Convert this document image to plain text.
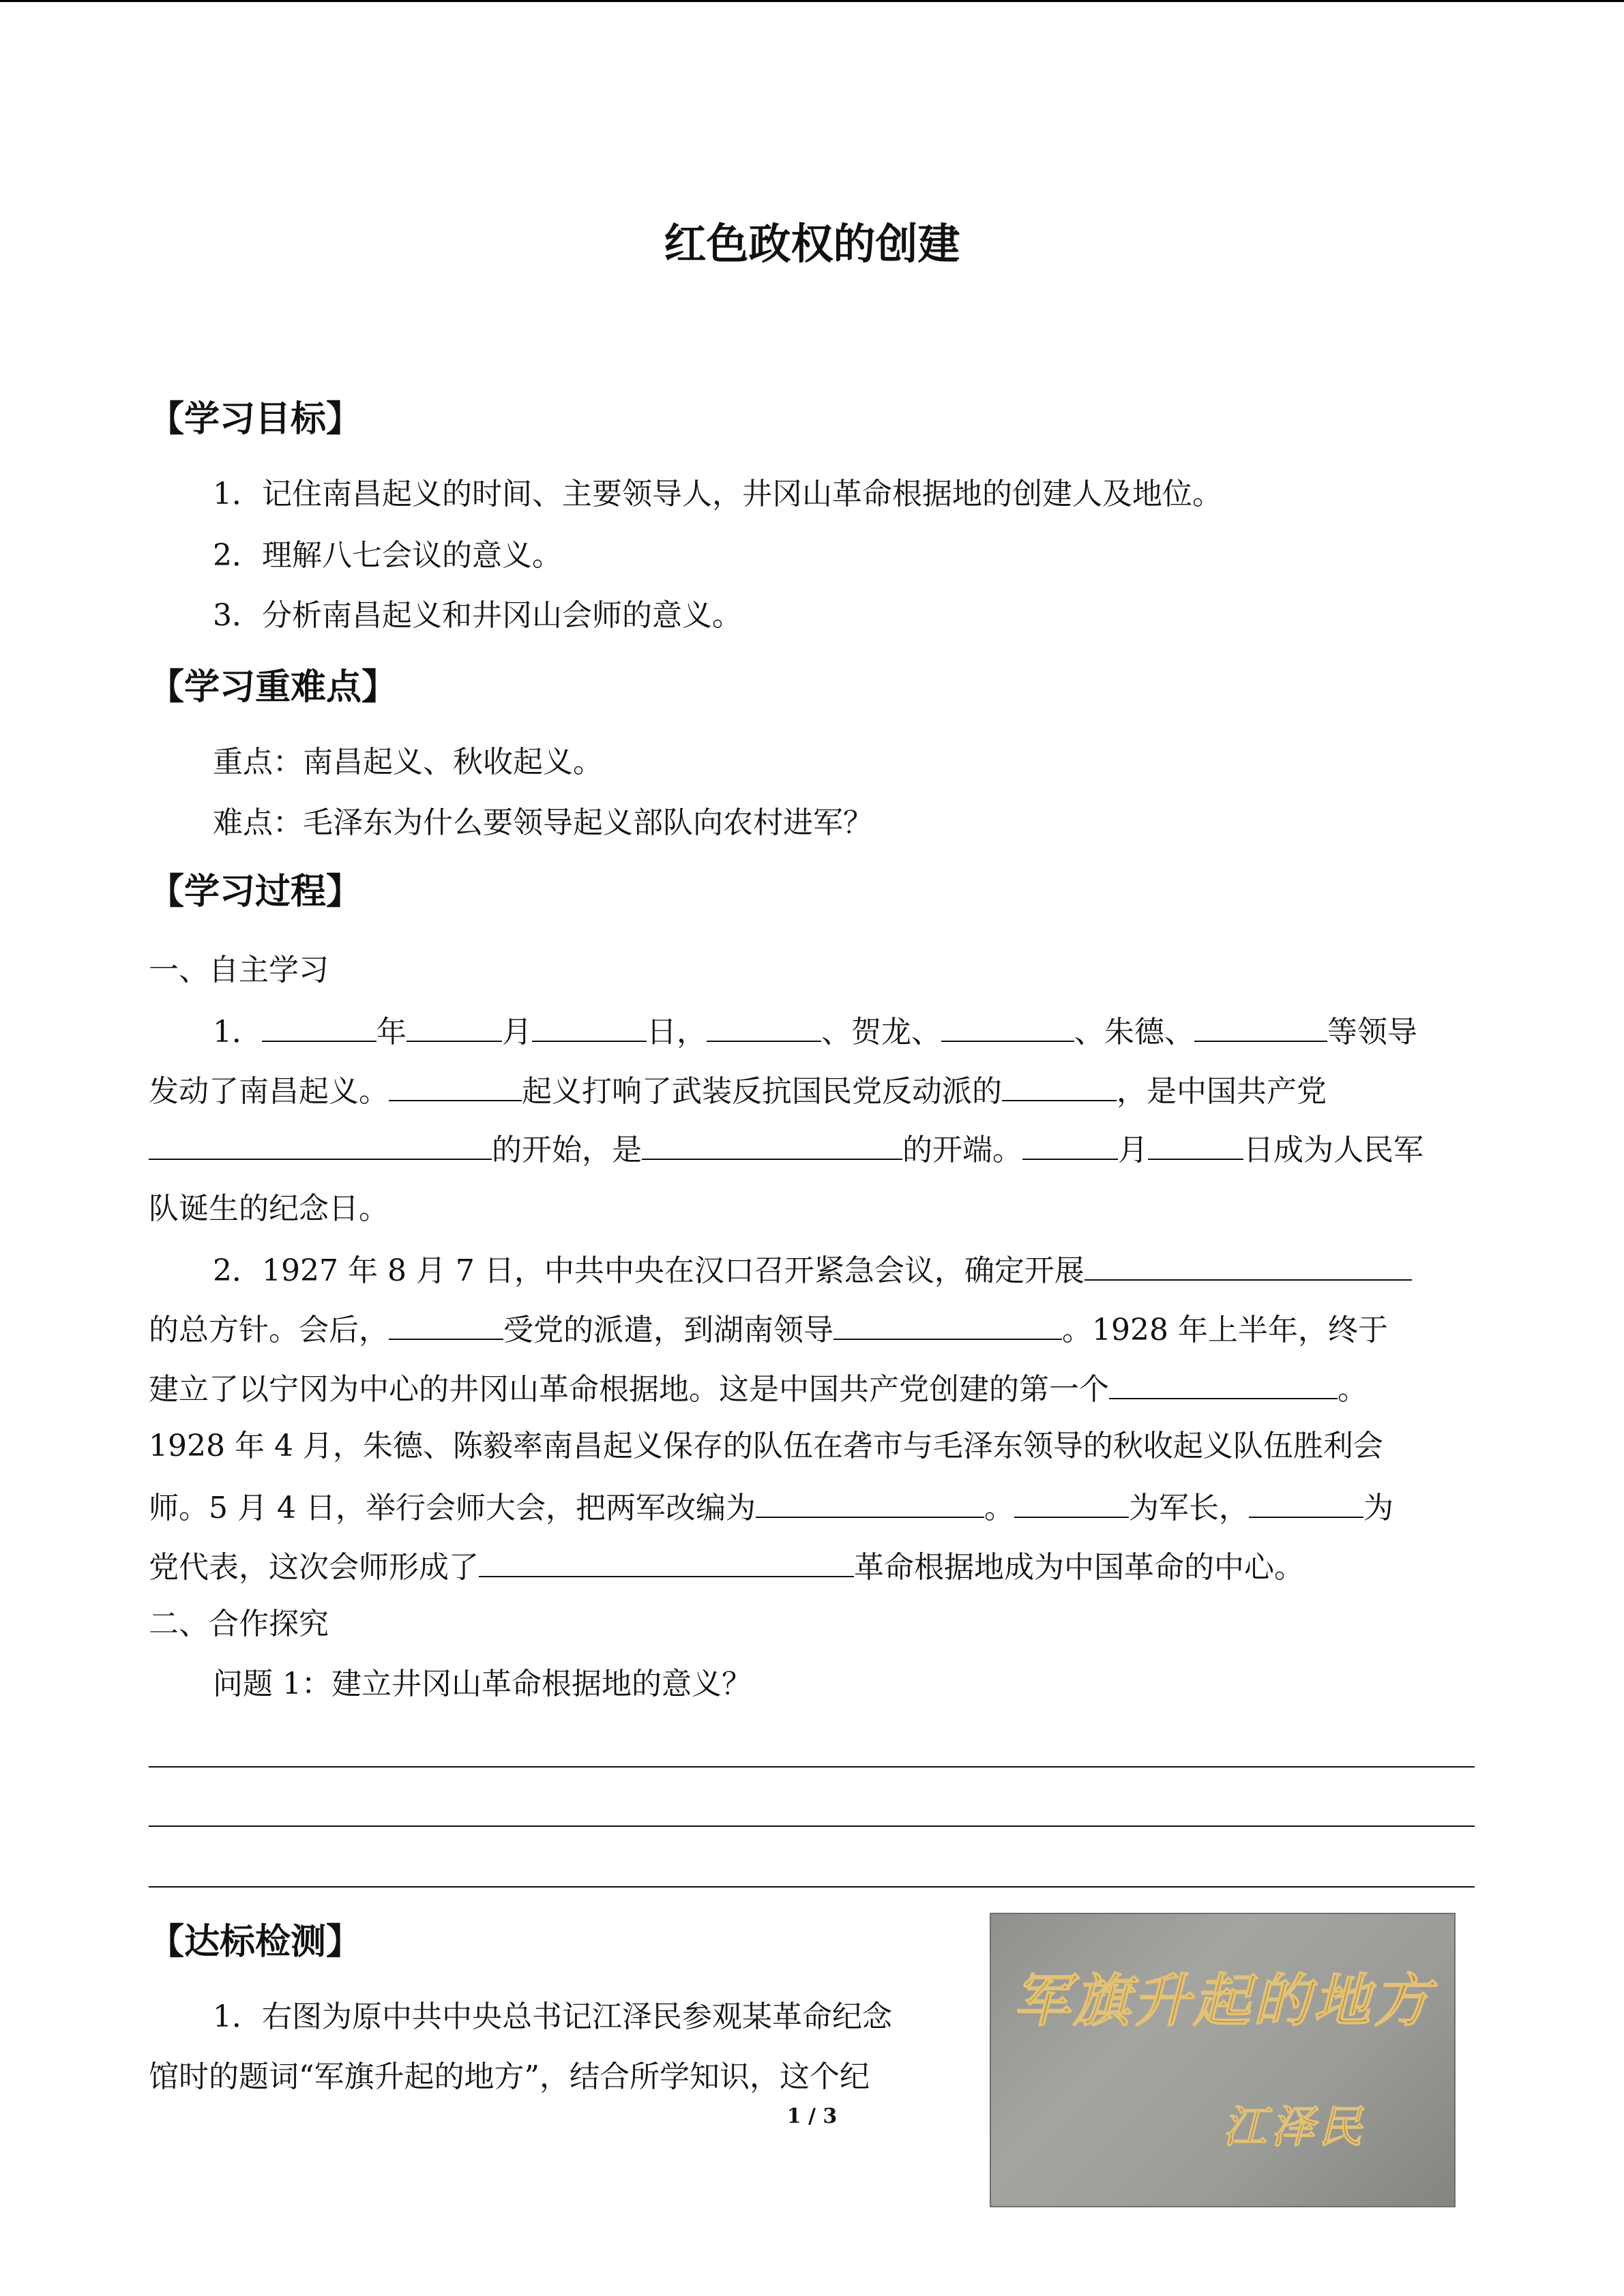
红色政权的创建
【学习目标】
1．记住南昌起义的时间、主要领导人，井冈山革命根据地的创建人及地位。
2．理解八七会议的意义。
3．分析南昌起义和井冈山会师的意义。
【学习重难点】
重点：南昌起义、秋收起义。
难点：毛泽东为什么要领导起义部队向农村进军？
【学习过程】
一、自主学习
1．	年	月	日，	、贺龙、	、朱德、	等领导
发动了南昌起义。	起义打响了武装反抗国民党反动派的	，是中国共产党
的开始，是	的开端。	月	日成为人民军
队诞生的纪念日。
2．1927 年 8 月 7 日，中共中央在汉口召开紧急会议，确定开展
的总方针。会后，	受党的派遣，到湖南领导	。1928 年上半年，终于
建立了以宁冈为中心的井冈山革命根据地。这是中国共产党创建的第一个	。
1928 年 4 月，朱德、陈毅率南昌起义保存的队伍在砻市与毛泽东领导的秋收起义队伍胜利会
师。5 月 4 日，举行会师大会，把两军改编为	。	为军长，	为
党代表，这次会师形成了	革命根据地成为中国革命的中心。
二、合作探究
问题 1：建立井冈山革命根据地的意义？
【达标检测】
1．右图为原中共中央总书记江泽民参观某革命纪念
馆时的题词“军旗升起的地方”，结合所学知识，这个纪
军旗升起的地方
江泽民
1 / 3
